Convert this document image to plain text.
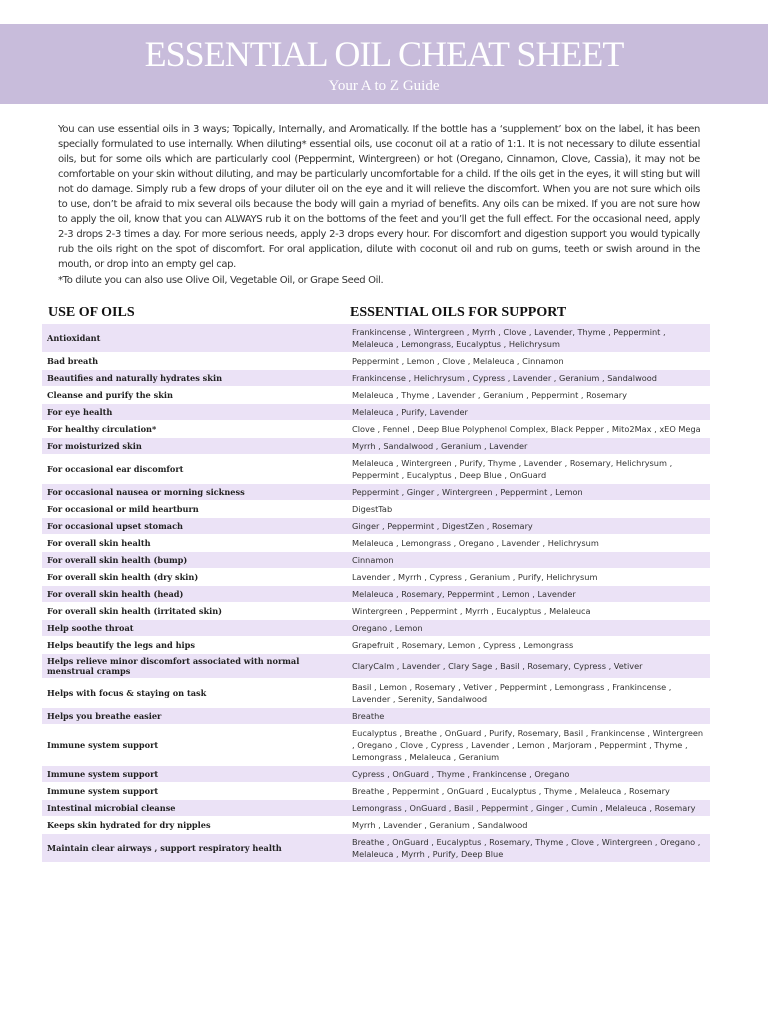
ESSENTIAL OIL CHEAT SHEET
Your A to Z Guide
You can use essential oils in 3 ways; Topically, Internally, and Aromatically. If the bottle has a ‘supplement’ box on the label, it has been specially formulated to use internally. When diluting* essential oils, use coconut oil at a ratio of 1:1. It is not necessary to dilute essential oils, but for some oils which are particularly cool (Peppermint, Wintergreen) or hot (Oregano, Cinnamon, Clove, Cassia), it may not be comfortable on your skin without diluting, and may be particularly uncomfortable for a child. If the oils get in the eyes, it will sting but will not do damage. Simply rub a few drops of your diluter oil on the eye and it will relieve the discomfort. When you are not sure which oils to use, don’t be afraid to mix several oils because the body will gain a myriad of benefits. Any oils can be mixed. If you are not sure how to apply the oil, know that you can ALWAYS rub it on the bottoms of the feet and you’ll get the full effect. For the occasional need, apply 2-3 drops 2-3 times a day. For more serious needs, apply 2-3 drops every hour. For discomfort and digestion support you would typically rub the oils right on the spot of discomfort. For oral application, dilute with coconut oil and rub on gums, teeth or swish around in the mouth, or drop into an empty gel cap.
*To dilute you can also use Olive Oil, Vegetable Oil, or Grape Seed Oil.
USE OF OILS	ESSENTIAL OILS FOR SUPPORT
Antioxidant	Frankincense , Wintergreen , Myrrh , Clove , Lavender, Thyme , Peppermint , Melaleuca , Lemongrass, Eucalyptus , Helichrysum
Bad breath	Peppermint , Lemon , Clove , Melaleuca , Cinnamon
Beautifies and naturally hydrates skin	Frankincense , Helichrysum , Cypress , Lavender , Geranium , Sandalwood
Cleanse and purify the skin	Melaleuca , Thyme , Lavender , Geranium , Peppermint , Rosemary
For eye health	Melaleuca , Purify, Lavender
For healthy circulation*	Clove , Fennel , Deep Blue Polyphenol Complex, Black Pepper , Mito2Max , xEO Mega
For moisturized skin	Myrrh , Sandalwood , Geranium , Lavender
For occasional ear discomfort	Melaleuca , Wintergreen , Purify, Thyme , Lavender , Rosemary, Helichrysum , Peppermint , Eucalyptus , Deep Blue , OnGuard
For occasional nausea or morning sickness	Peppermint , Ginger , Wintergreen , Peppermint , Lemon
For occasional or mild heartburn	DigestTab
For occasional upset stomach	Ginger , Peppermint , DigestZen , Rosemary
For overall skin health	Melaleuca , Lemongrass , Oregano , Lavender , Helichrysum
For overall skin health (bump)	Cinnamon
For overall skin health (dry skin)	Lavender , Myrrh , Cypress , Geranium , Purify, Helichrysum
For overall skin health (head)	Melaleuca , Rosemary, Peppermint , Lemon , Lavender
For overall skin health (irritated skin)	Wintergreen , Peppermint , Myrrh , Eucalyptus , Melaleuca
Help soothe throat	Oregano , Lemon
Helps beautify the legs and hips	Grapefruit , Rosemary, Lemon , Cypress , Lemongrass
Helps relieve minor discomfort associated with normal menstrual cramps	ClaryCalm , Lavender , Clary Sage , Basil , Rosemary, Cypress , Vetiver
Helps with focus & staying on task	Basil , Lemon , Rosemary , Vetiver , Peppermint , Lemongrass , Frankincense , Lavender , Serenity, Sandalwood
Helps you breathe easier	Breathe
Immune system support	Eucalyptus , Breathe , OnGuard , Purify, Rosemary, Basil , Frankincense , Wintergreen , Oregano , Clove , Cypress , Lavender , Lemon , Marjoram , Peppermint , Thyme , Lemongrass , Melaleuca , Geranium
Immune system support	Cypress , OnGuard , Thyme , Frankincense , Oregano
Immune system support	Breathe , Peppermint , OnGuard , Eucalyptus , Thyme , Melaleuca , Rosemary
Intestinal microbial cleanse	Lemongrass , OnGuard , Basil , Peppermint , Ginger , Cumin , Melaleuca , Rosemary
Keeps skin hydrated for dry nipples	Myrrh , Lavender , Geranium , Sandalwood
Maintain clear airways , support respiratory health	Breathe , OnGuard , Eucalyptus , Rosemary, Thyme , Clove , Wintergreen , Oregano , Melaleuca , Myrrh , Purify, Deep Blue
